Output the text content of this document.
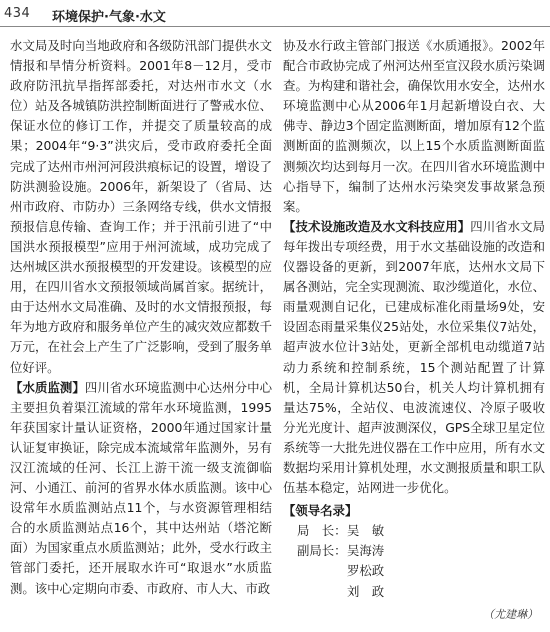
434 环境保护·气象·水文

水文局及时向当地政府和各级防汛部门提供水文情报和旱情分析资料。2001年8－12月，受市政府防汛抗旱指挥部委托，对达州市水文（水位）站及各城镇防洪控制断面进行了警戒水位、保证水位的修订工作，并提交了质量较高的成果；2004年“9·3”洪灾后，受市政府委托全面完成了达州市州河河段洪痕标记的设置，增设了防洪测验设施。2006年，新架设了（省局、达州市政府、市防办）三条网络专线，供水文情报预报信息传输、查询工作；并于汛前引进了“中国洪水预报模型”应用于州河流域，成功完成了达州城区洪水预报模型的开发建设。该模型的应用，在四川省水文预报领域尚属首家。据统计，由于达州水文局准确、及时的水文情报预报，每年为地方政府和服务单位产生的减灾效应都数千万元，在社会上产生了广泛影响，受到了服务单位好评。

【水质监测】四川省水环境监测中心达州分中心主要担负着渠江流域的常年水环境监测，1995年获国家计量认证资格，2000年通过国家计量认证复审换证，除完成本流域常年监测外，另有汉江流域的任河、长江上游干流一级支流御临河、小通江、前河的省界水体水质监测。该中心设常年水质监测站点11个，与水资源管理相结合的水质监测站点16个，其中达州站（塔沱断面）为国家重点水质监测站；此外，受水行政主管部门委托，还开展取水许可“取退水”水质监测。该中心定期向市委、市政府、市人大、市政

协及水行政主管部门报送《水质通报》。2002年配合市政协完成了州河达州至宣汉段水质污染调查。为构建和谐社会，确保饮用水安全，达州水环境监测中心从2006年1月起新增设白衣、大佛寺、静边3个固定监测断面，增加原有12个监测断面的监测频次，以上15个水质监测断面监测频次均达到每月一次。在四川省水环境监测中心指导下，编制了达州水污染突发事故紧急预案。

【技术设施改造及水文科技应用】四川省水文局每年拨出专项经费，用于水文基础设施的改造和仪器设备的更新，到2007年底，达州水文局下属各测站，完全实现测流、取沙缆道化，水位、雨量观测自记化，已建成标准化雨量场9处，安设固态雨量采集仪25站处，水位采集仪7站处，超声波水位计3站处，更新全部机电动缆道7站动力系统和控制系统，15个测站配置了计算机，全局计算机达50台，机关人均计算机拥有量达75%，全站仪、电波流速仪、冷原子吸收分光光度计、超声波测深仪，GPS全球卫星定位系统等一大批先进仪器在工作中应用，所有水文数据均采用计算机处理，水文测报质量和职工队伍基本稳定，站网进一步优化。

【领导名录】
局　长： 吴　敏
副局长： 吴海涛
罗松政
刘　政
（尤建琳）
